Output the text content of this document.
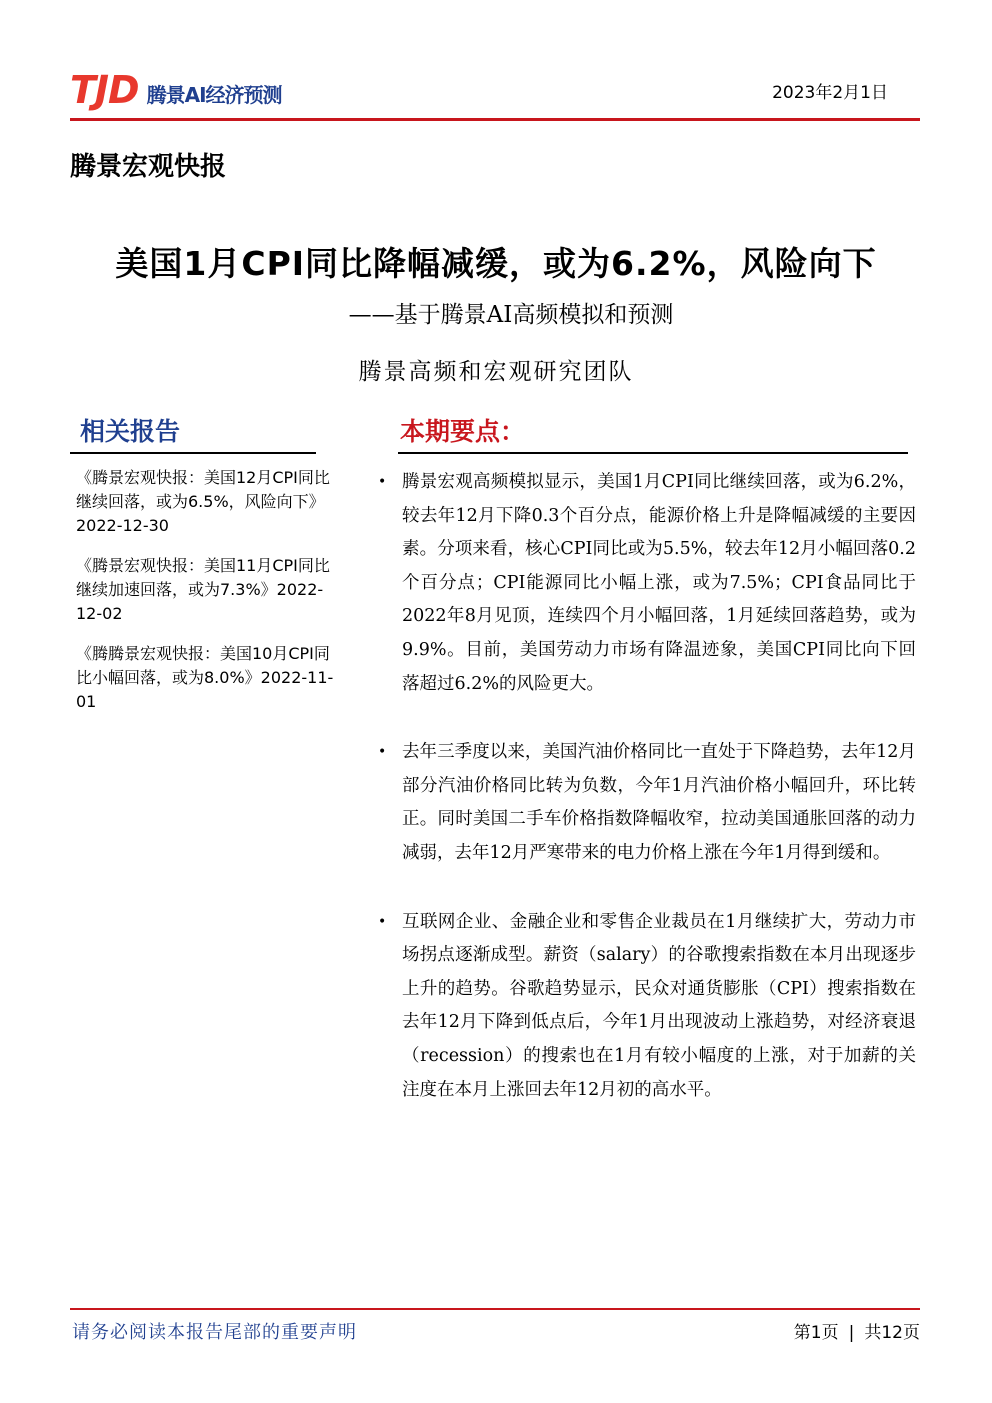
TJD 腾景AI经济预测	2023年2月1日
腾景宏观快报
美国1月CPI同比降幅减缓，或为6.2%，风险向下
——基于腾景AI高频模拟和预测
腾景高频和宏观研究团队
相关报告	本期要点：
《腾景宏观快报：美国12月CPI同比继续回落，或为6.5%，风险向下》2022-12-30
《腾景宏观快报：美国11月CPI同比继续加速回落，或为7.3%》2022-12-02
《腾腾景宏观快报：美国10月CPI同比小幅回落，或为8.0%》2022-11-01
• 腾景宏观高频模拟显示，美国1月CPI同比继续回落，或为6.2%，较去年12月下降0.3个百分点，能源价格上升是降幅减缓的主要因素。分项来看，核心CPI同比或为5.5%，较去年12月小幅回落0.2个百分点；CPI能源同比小幅上涨，或为7.5%；CPI食品同比于2022年8月见顶，连续四个月小幅回落，1月延续回落趋势，或为9.9%。目前，美国劳动力市场有降温迹象，美国CPI同比向下回落超过6.2%的风险更大。
• 去年三季度以来，美国汽油价格同比一直处于下降趋势，去年12月部分汽油价格同比转为负数，今年1月汽油价格小幅回升，环比转正。同时美国二手车价格指数降幅收窄，拉动美国通胀回落的动力减弱，去年12月严寒带来的电力价格上涨在今年1月得到缓和。
• 互联网企业、金融企业和零售企业裁员在1月继续扩大，劳动力市场拐点逐渐成型。薪资（salary）的谷歌搜索指数在本月出现逐步上升的趋势。谷歌趋势显示，民众对通货膨胀（CPI）搜索指数在去年12月下降到低点后，今年1月出现波动上涨趋势，对经济衰退（recession）的搜索也在1月有较小幅度的上涨，对于加薪的关注度在本月上涨回去年12月初的高水平。
请务必阅读本报告尾部的重要声明	第1页 | 共12页
